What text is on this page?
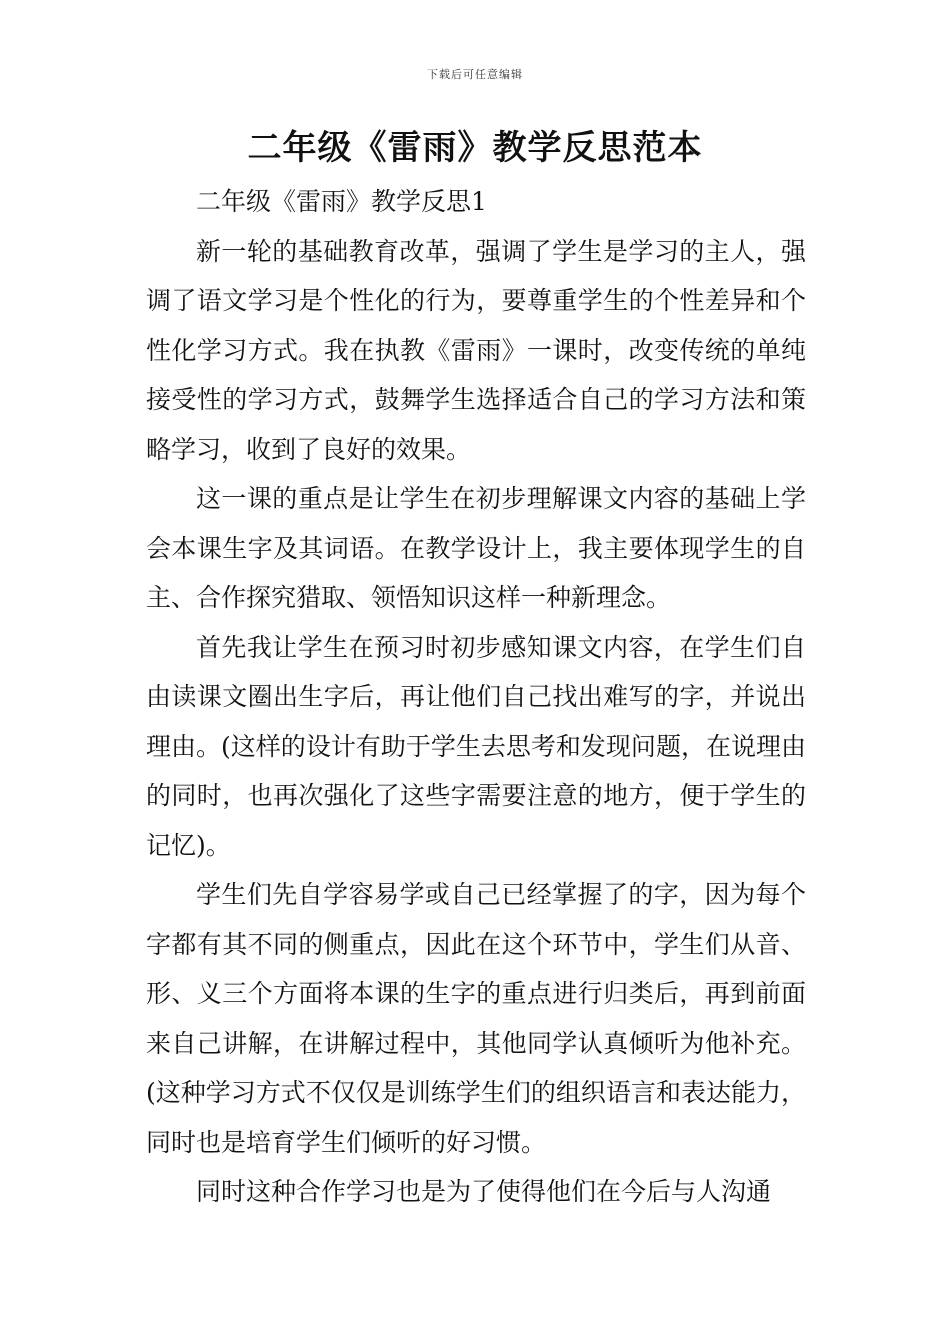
下载后可任意编辑
二年级《雷雨》教学反思范本

二年级《雷雨》教学反思1

新一轮的基础教育改革，强调了学生是学习的主人，强调了语文学习是个性化的行为，要尊重学生的个性差异和个性化学习方式。我在执教《雷雨》一课时，改变传统的单纯接受性的学习方式，鼓舞学生选择适合自己的学习方法和策略学习，收到了良好的效果。

这一课的重点是让学生在初步理解课文内容的基础上学会本课生字及其词语。在教学设计上，我主要体现学生的自主、合作探究猎取、领悟知识这样一种新理念。

首先我让学生在预习时初步感知课文内容，在学生们自由读课文圈出生字后，再让他们自己找出难写的字，并说出理由。(这样的设计有助于学生去思考和发现问题，在说理由的同时，也再次强化了这些字需要注意的地方，便于学生的记忆)。

学生们先自学容易学或自己已经掌握了的字，因为每个字都有其不同的侧重点，因此在这个环节中，学生们从音、形、义三个方面将本课的生字的重点进行归类后，再到前面来自己讲解，在讲解过程中，其他同学认真倾听为他补充。(这种学习方式不仅仅是训练学生们的组织语言和表达能力，同时也是培育学生们倾听的好习惯。

同时这种合作学习也是为了使得他们在今后与人沟通
